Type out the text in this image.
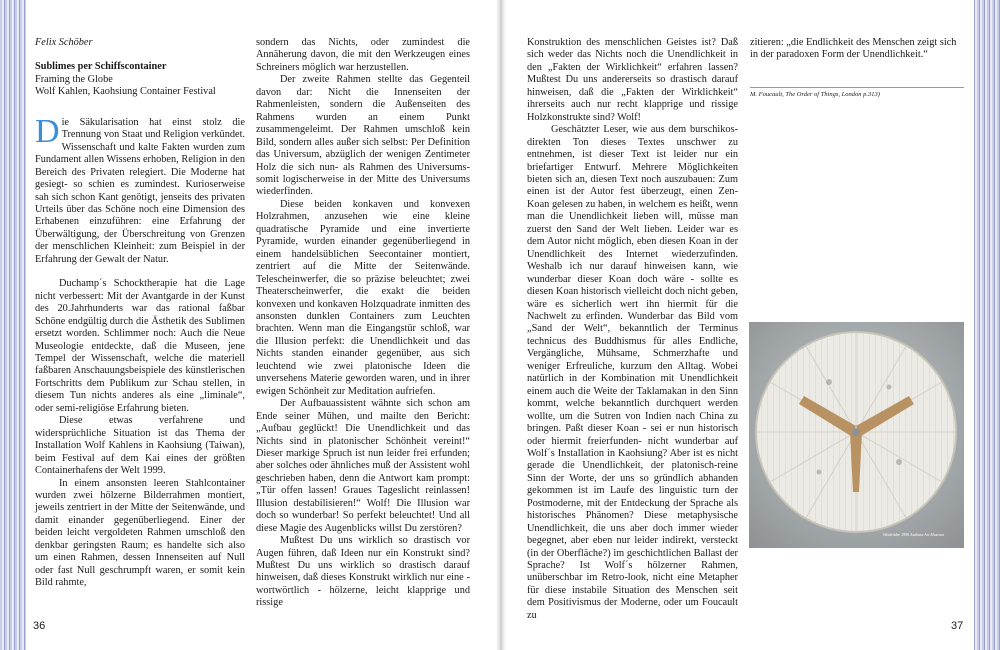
Felix Schöber

Sublimes per Schiffscontainer

Framing the Globe

Wolf Kahlen, Kaohsiung Container Festival

Die Säkularisation hat einst stolz die Trennung von Staat und Religion verkündet. Wissenschaft und kalte Fakten wurden zum Fundament allen Wissens erhoben, Religion in den Bereich des Privaten relegiert. Die Moderne hat gesiegt- so schien es zumindest. Kurioserweise sah sich schon Kant genötigt, jenseits des privaten Urteils über das Schöne noch eine Dimension des Erhabenen einzuführen: eine Erfahrung der Überwältigung, der Überschreitung von Grenzen der menschlichen Kleinheit: zum Beispiel in der Erfahrung der Gewalt der Natur.

Duchamp´s Schocktherapie hat die Lage nicht verbessert: Mit der Avantgarde in der Kunst des 20.Jahrhunderts war das rational faßbar Schöne endgültig durch die Ästhetik des Sublimen ersetzt worden. Schlimmer noch: Auch die Neue Museologie entdeckte, daß die Museen, jene Tempel der Wissenschaft, welche die materiell faßbaren Anschauungsbeispiele des künstlerischen Fortschritts dem Publikum zur Schau stellen, in diesem Tun nichts anderes als eine „liminale“, oder semi-religiöse Erfahrung bieten.

Diese etwas verfahrene und widersprüchliche Situation ist das Thema der Installation Wolf Kahlens in Kaohsiung (Taiwan), beim Festival auf dem Kai eines der größten Containerhafens der Welt 1999.

In einem ansonsten leeren Stahlcontainer wurden zwei hölzerne Bilderrahmen montiert, jeweils zentriert in der Mitte der Seitenwände, und damit einander gegenüberliegend. Einer der beiden leicht vergoldeten Rahmen umschloß den denkbar geringsten Raum; es handelte sich also um einen Rahmen, dessen Innenseiten auf Null oder fast Null geschrumpft waren, er somit kein Bild rahmte,

sondern das Nichts, oder zumindest die Annäherung davon, die mit den Werkzeugen eines Schreiners möglich war herzustellen.

Der zweite Rahmen stellte das Gegenteil davon dar: Nicht die Innenseiten der Rahmenleisten, sondern die Außenseiten des Rahmens wurden an einem Punkt zusammengeleimt. Der Rahmen umschloß kein Bild, sondern alles außer sich selbst: Per Definition das Universum, abzüglich der wenigen Zentimeter Holz die sich nun- als Rahmen des Universums- somit logischerweise in der Mitte des Universums wiederfinden.

Diese beiden konkaven und konvexen Holzrahmen, anzusehen wie eine kleine quadratische Pyramide und eine invertierte Pyramide, wurden einander gegenüberliegend in einem handelsüblichen Seecontainer montiert, zentriert auf die Mitte der Seitenwände. Telescheinwerfer, die so präzise beleuchtet; zwei Theaterscheinwerfer, die exakt die beiden konvexen und konkaven Holzquadrate inmitten des ansonsten dunklen Containers zum Leuchten brachten. Wenn man die Eingangstür schloß, war die Illusion perfekt: die Unendlichkeit und das Nichts standen einander gegenüber, aus sich leuchtend wie zwei platonische Ideen die unversehens Materie geworden waren, und in ihrer ewigen Schönheit zur Meditation aufriefen.

Der Aufbauassistent wähnte sich schon am Ende seiner Mühen, und mailte den Bericht: „Aufbau geglückt! Die Unendlichkeit und das Nichts sind in platonischer Schönheit vereint!“ Dieser markige Spruch ist nun leider frei erfunden; aber solches oder ähnliches muß der Assistent wohl geschrieben haben, denn die Antwort kam prompt: „Tür offen lassen! Graues Tageslicht reinlassen! Illusion destabilisieren!“ Wolf! Die Illusion war doch so wunderbar! So perfekt beleuchtet! Und all diese Magie des Augenblicks willst Du zerstören?

Mußtest Du uns wirklich so drastisch vor Augen führen, daß Ideen nur ein Konstrukt sind? Mußtest Du uns wirklich so drastisch darauf hinweisen, daß dieses Konstrukt wirklich nur eine - wortwörtlich - hölzerne, leicht klapprige und rissige

36

Konstruktion des menschlichen Geistes ist? Daß sich weder das Nichts noch die Unendlichkeit in den „Fakten der Wirklichkeit“ erfahren lassen? Mußtest Du uns andererseits so drastisch darauf hinweisen, daß die „Fakten der Wirklichkeit“ ihrerseits auch nur recht klapprige und rissige Holzkonstrukte sind? Wolf!

Geschätzter Leser, wie aus dem burschikos-direkten Ton dieses Textes unschwer zu entnehmen, ist dieser Text ist leider nur ein briefartiger Entwurf. Mehrere Möglichkeiten bieten sich an, diesen Text noch auszubauen: Zum einen ist der Autor fest überzeugt, einen Zen- Koan gelesen zu haben, in welchem es heißt, wenn man die Unendlichkeit lieben will, müsse man zuerst den Sand der Welt lieben. Leider war es dem Autor nicht möglich, eben diesen Koan in der Unendlichkeit des Internet wiederzufinden. Weshalb ich nur darauf hinweisen kann, wie wunderbar dieser Koan doch wäre - sollte es diesen Koan historisch vielleicht doch nicht geben, wäre es sicherlich wert ihn hiermit für die Nachwelt zu erfinden. Wunderbar das Bild vom „Sand der Welt“, bekanntlich der Terminus technicus des Buddhismus für alles Endliche, Vergängliche, Mühsame, Schmerzhafte und weniger Erfreuliche, kurzum den Alltag. Wobei natürlich in der Kombination mit Unendlichkeit einem auch die Weite der Taklamakan in den Sinn kommt, welche bekanntlich durchquert werden wollte, um die Sutren von Indien nach China zu bringen. Paßt dieser Koan - sei er nun historisch oder hiermit freierfunden- nicht wunderbar auf Wolf´s Installation in Kaohsiung? Aber ist es nicht gerade die Unendlichkeit, der platonisch-reine Sinn der Worte, der uns so gründlich abhanden gekommen ist im Laufe des linguistic turn der Postmoderne, mit der Entdeckung der Sprache als historisches Phänomen? Diese metaphysische Unendlichkeit, die uns aber doch immer wieder begegnet, aber eben nur leider indirekt, versteckt (in der Oberfläche?) im geschichtlichen Ballast der Sprache? Ist Wolf´s hölzerner Rahmen, unüberschbar im Retro-look, nicht eine Metapher für diese instabile Situation des Menschen seit dem Positivismus der Moderne, oder um Foucault zu

zitieren: „die Endlichkeit des Menschen zeigt sich in der paradoxen Form der Unendlichkeit.“
M. Foucault, The Order of Things, London p.313)
Windräder 1998 Asakura Art Museum
37
